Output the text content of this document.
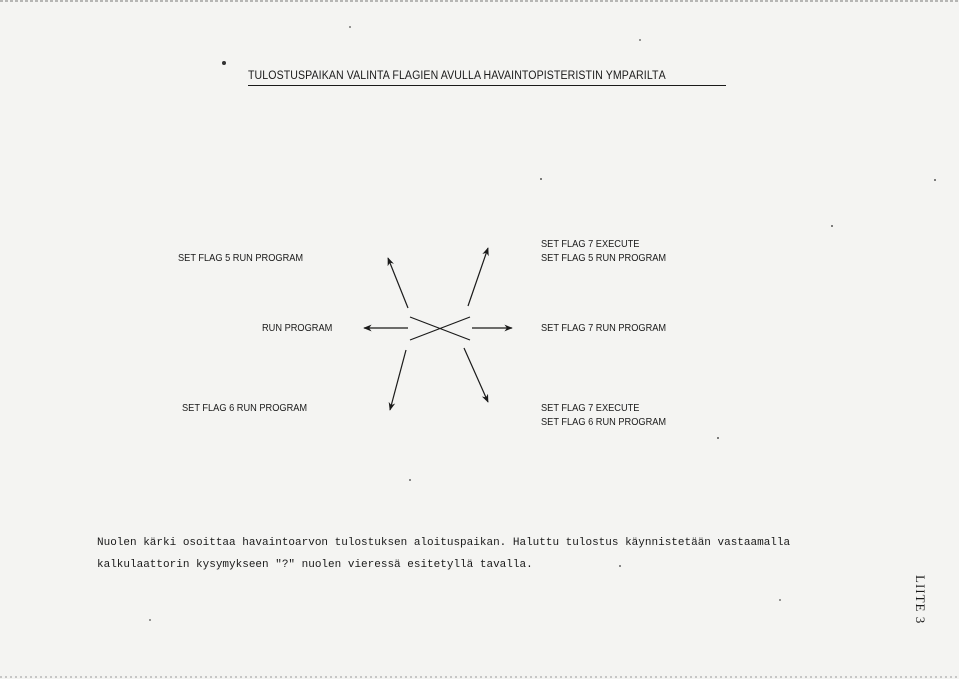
TULOSTUSPAIKAN VALINTA FLAGIEN AVULLA HAVAINTOPISTERISTIN YMPÄRILTÄ
SET FLAG 5 RUN PROGRAM
RUN PROGRAM
SET FLAG 6 RUN PROGRAM
SET FLAG 7 EXECUTE
SET FLAG 5 RUN PROGRAM
SET FLAG 7 RUN PROGRAM
SET FLAG 7 EXECUTE
SET FLAG 6 RUN PROGRAM
Nuolen kärki osoittaa havaintoarvon tulostuksen aloituspaikan. Haluttu tulostus käynnistetään vastaamalla
kalkulaattorin kysymykseen "?" nuolen vieressä esitetyllä tavalla.
LIITE 3
